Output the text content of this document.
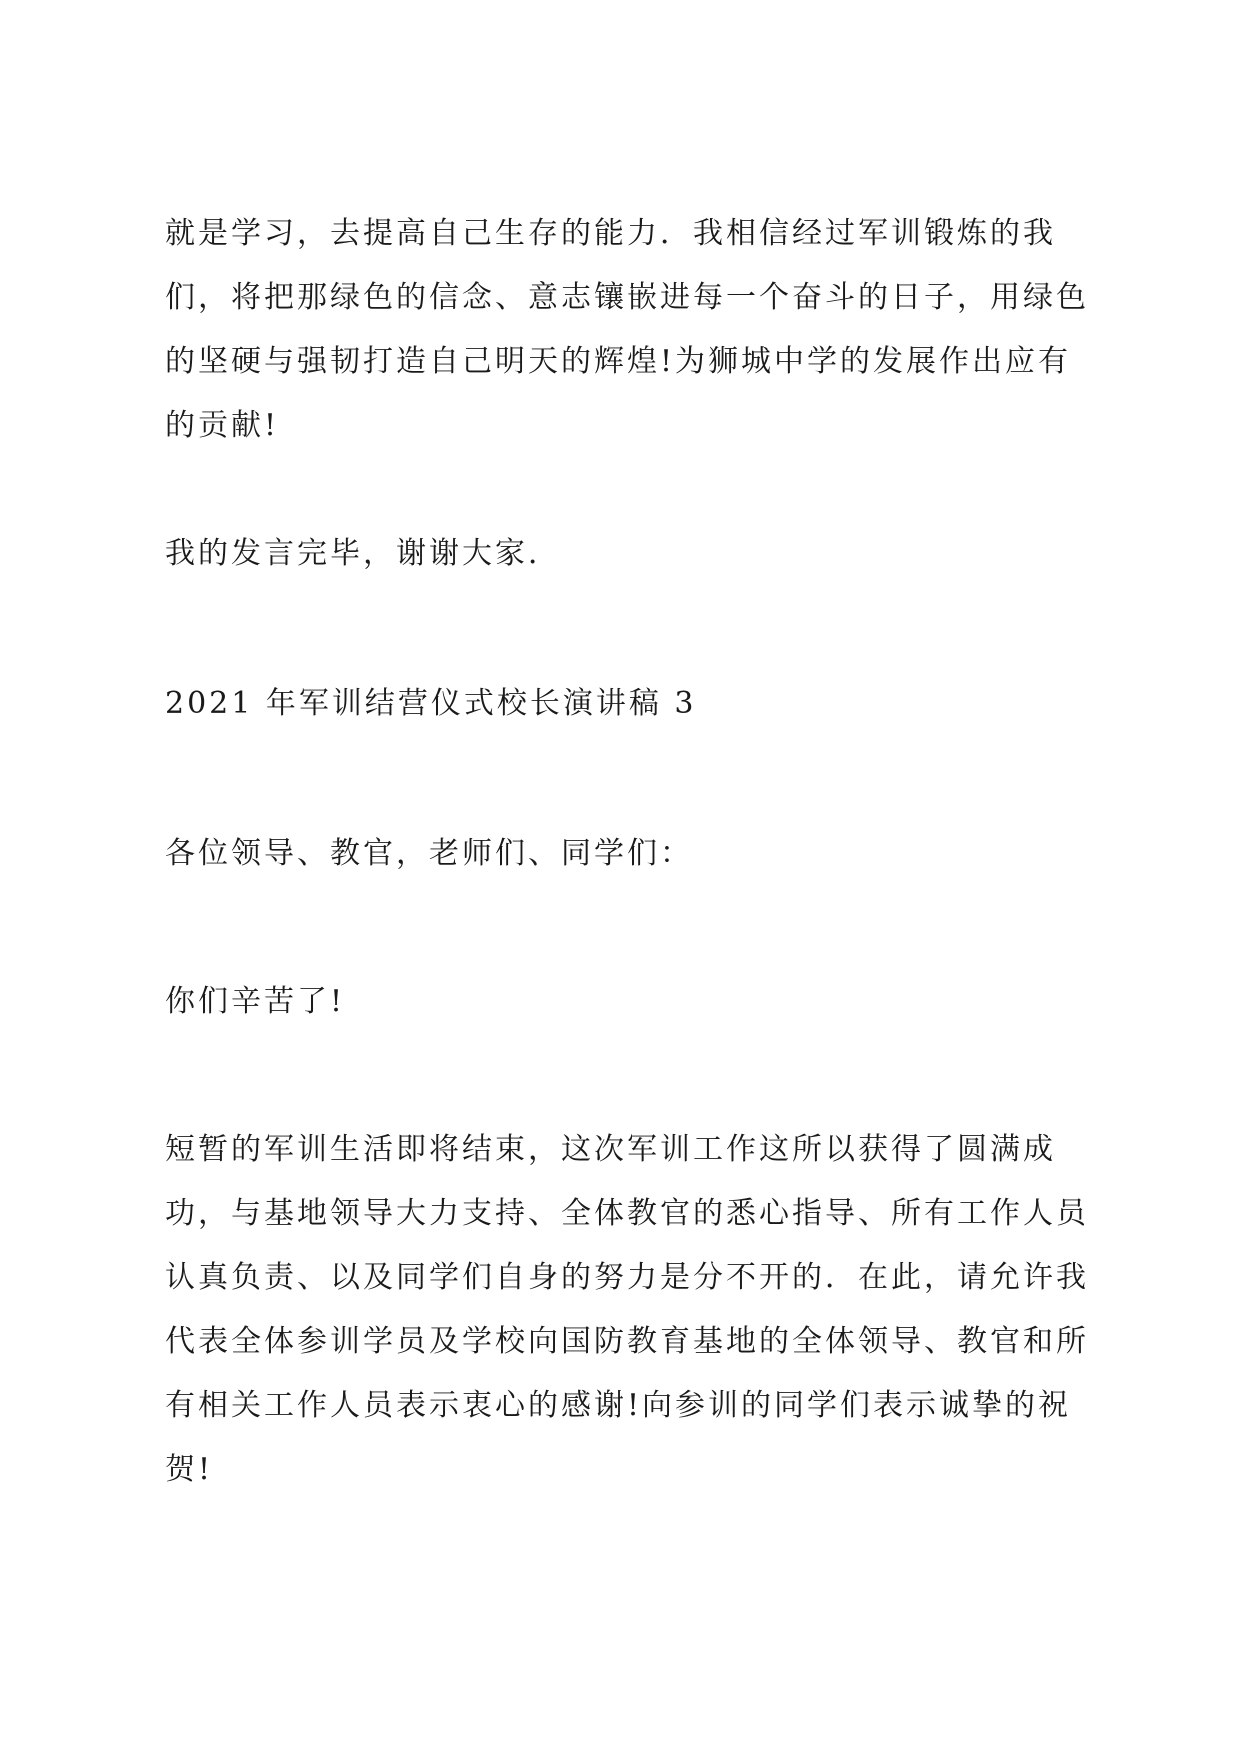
就是学习，去提高自己生存的能力．我相信经过军训锻炼的我
们，将把那绿色的信念、意志镶嵌进每一个奋斗的日子，用绿色
的坚硬与强韧打造自己明天的辉煌!为狮城中学的发展作出应有
的贡献!
我的发言完毕，谢谢大家．
2021 年军训结营仪式校长演讲稿 3
各位领导、教官，老师们、同学们：
你们辛苦了!
短暂的军训生活即将结束，这次军训工作这所以获得了圆满成
功，与基地领导大力支持、全体教官的悉心指导、所有工作人员
认真负责、以及同学们自身的努力是分不开的．在此，请允许我
代表全体参训学员及学校向国防教育基地的全体领导、教官和所
有相关工作人员表示衷心的感谢!向参训的同学们表示诚挚的祝
贺!
